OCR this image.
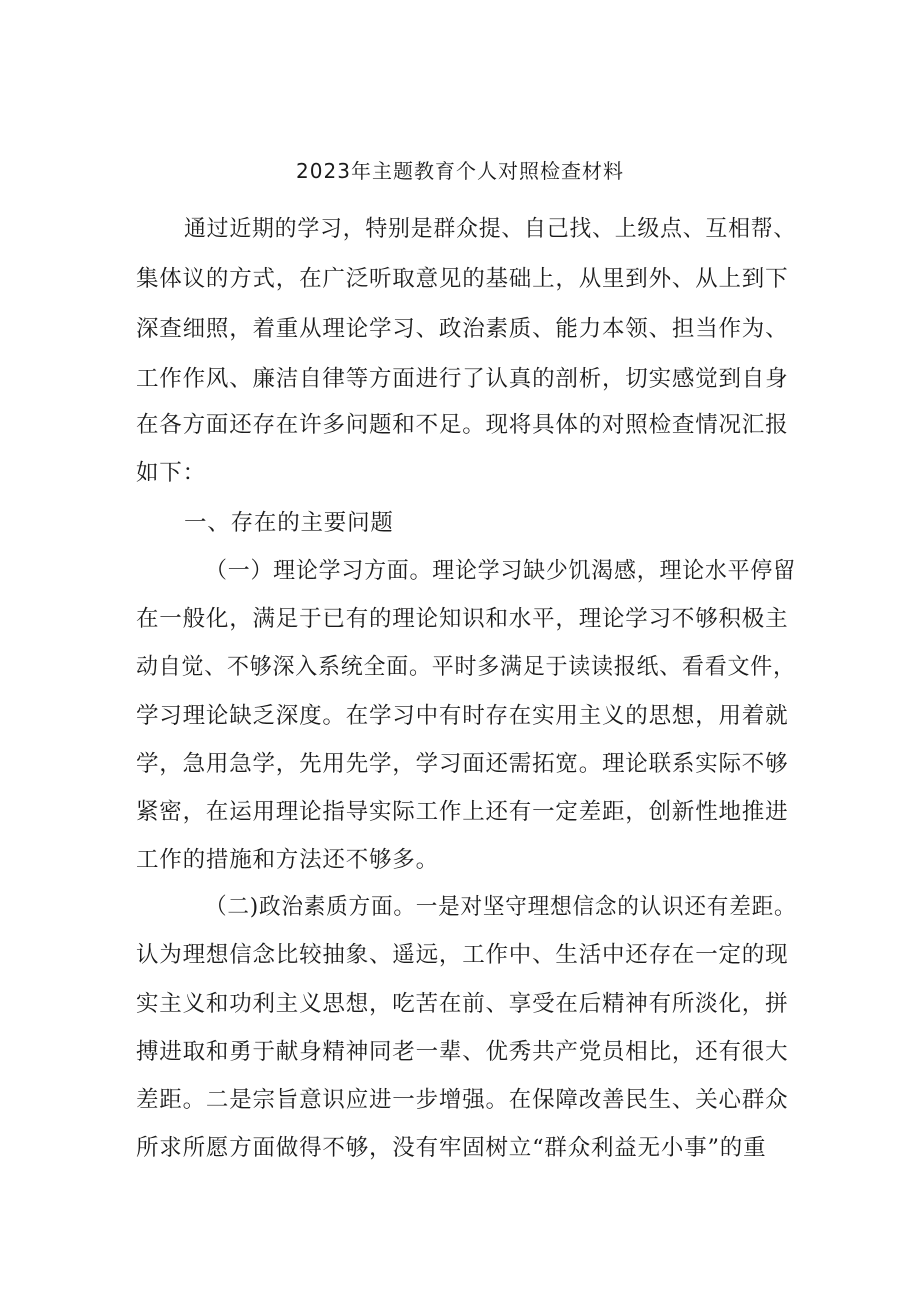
2023年主题教育个人对照检查材料
通过近期的学习，特别是群众提、自己找、上级点、互相帮、
集体议的方式，在广泛听取意见的基础上，从里到外、从上到下
深查细照，着重从理论学习、政治素质、能力本领、担当作为、
工作作风、廉洁自律等方面进行了认真的剖析，切实感觉到自身
在各方面还存在许多问题和不足。现将具体的对照检查情况汇报
如下：
一、存在的主要问题
（一）理论学习方面。理论学习缺少饥渴感，理论水平停留
在一般化，满足于已有的理论知识和水平，理论学习不够积极主
动自觉、不够深入系统全面。平时多满足于读读报纸、看看文件，
学习理论缺乏深度。在学习中有时存在实用主义的思想，用着就
学，急用急学，先用先学，学习面还需拓宽。理论联系实际不够
紧密，在运用理论指导实际工作上还有一定差距，创新性地推进
工作的措施和方法还不够多。
（二)政治素质方面。一是对坚守理想信念的认识还有差距。
认为理想信念比较抽象、遥远，工作中、生活中还存在一定的现
实主义和功利主义思想，吃苦在前、享受在后精神有所淡化，拼
搏进取和勇于献身精神同老一辈、优秀共产党员相比，还有很大
差距。二是宗旨意识应进一步增强。在保障改善民生、关心群众
所求所愿方面做得不够，没有牢固树立“群众利益无小事”的重
